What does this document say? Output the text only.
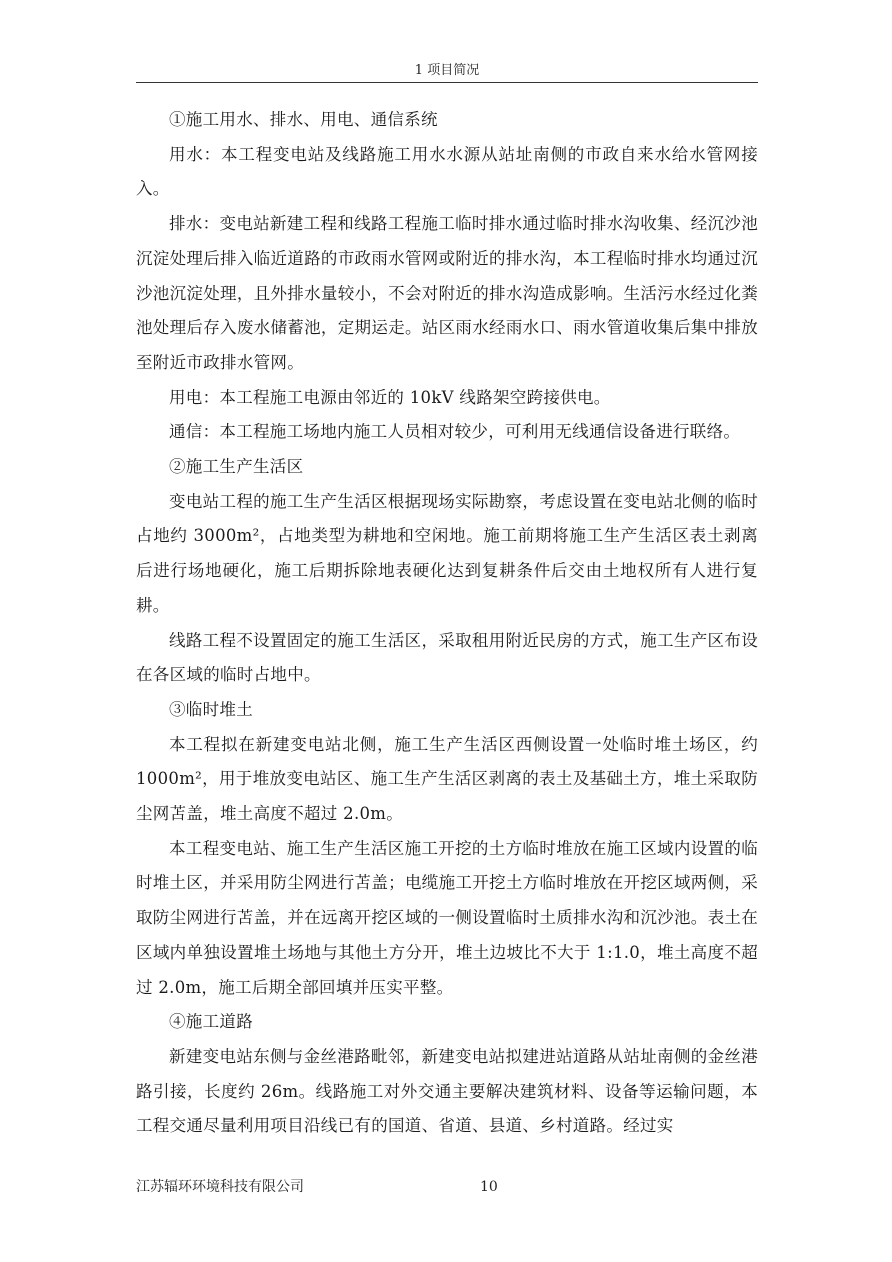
1 项目简况

①施工用水、排水、用电、通信系统

用水：本工程变电站及线路施工用水水源从站址南侧的市政自来水给水管网接入。

排水：变电站新建工程和线路工程施工临时排水通过临时排水沟收集、经沉沙池沉淀处理后排入临近道路的市政雨水管网或附近的排水沟，本工程临时排水均通过沉沙池沉淀处理，且外排水量较小，不会对附近的排水沟造成影响。生活污水经过化粪池处理后存入废水储蓄池，定期运走。站区雨水经雨水口、雨水管道收集后集中排放至附近市政排水管网。

用电：本工程施工电源由邻近的 10kV 线路架空跨接供电。

通信：本工程施工场地内施工人员相对较少，可利用无线通信设备进行联络。

②施工生产生活区

变电站工程的施工生产生活区根据现场实际勘察，考虑设置在变电站北侧的临时占地约 3000m²，占地类型为耕地和空闲地。施工前期将施工生产生活区表土剥离后进行场地硬化，施工后期拆除地表硬化达到复耕条件后交由土地权所有人进行复耕。

线路工程不设置固定的施工生活区，采取租用附近民房的方式，施工生产区布设在各区域的临时占地中。

③临时堆土

本工程拟在新建变电站北侧，施工生产生活区西侧设置一处临时堆土场区，约 1000m²，用于堆放变电站区、施工生产生活区剥离的表土及基础土方，堆土采取防尘网苫盖，堆土高度不超过 2.0m。

本工程变电站、施工生产生活区施工开挖的土方临时堆放在施工区域内设置的临时堆土区，并采用防尘网进行苫盖；电缆施工开挖土方临时堆放在开挖区域两侧，采取防尘网进行苫盖，并在远离开挖区域的一侧设置临时土质排水沟和沉沙池。表土在区域内单独设置堆土场地与其他土方分开，堆土边坡比不大于 1:1.0，堆土高度不超过 2.0m，施工后期全部回填并压实平整。

④施工道路

新建变电站东侧与金丝港路毗邻，新建变电站拟建进站道路从站址南侧的金丝港路引接，长度约 26m。线路施工对外交通主要解决建筑材料、设备等运输问题，本工程交通尽量利用项目沿线已有的国道、省道、县道、乡村道路。经过实

江苏辐环环境科技有限公司	10
